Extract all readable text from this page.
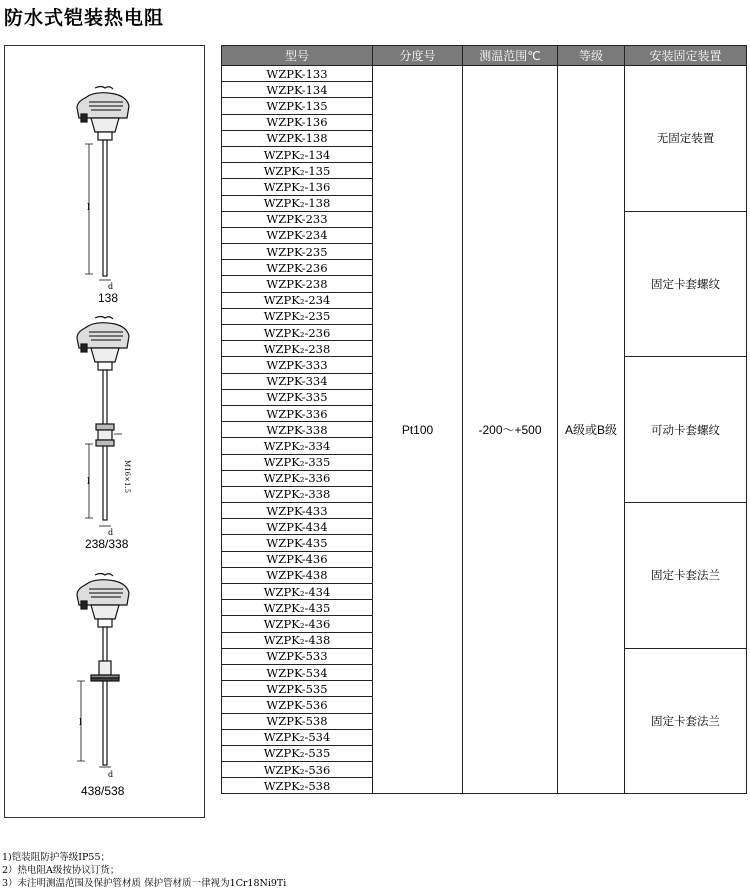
防水式铠装热电阻
l
d
138
l	M16×1.5
d
238/338
l
d
438/538
型号	分度号	测温范围℃	等级	安装固定装置
WZPK-133	Pt100	-200～+500	A级或B级	无固定装置
WZPK-134				
WZPK-135				
WZPK-136				
WZPK-138				
WZPK₂-134				
WZPK₂-135				
WZPK₂-136				
WZPK₂-138				
WZPK-233				固定卡套螺纹
WZPK-234				
WZPK-235				
WZPK-236				
WZPK-238				
WZPK₂-234				
WZPK₂-235				
WZPK₂-236				
WZPK₂-238				
WZPK-333				可动卡套螺纹
WZPK-334				
WZPK-335				
WZPK-336				
WZPK-338				
WZPK₂-334				
WZPK₂-335				
WZPK₂-336				
WZPK₂-338				
WZPK-433				固定卡套法兰
WZPK-434				
WZPK-435				
WZPK-436				
WZPK-438				
WZPK₂-434				
WZPK₂-435				
WZPK₂-436				
WZPK₂-438				
WZPK-533				固定卡套法兰
WZPK-534				
WZPK-535				
WZPK-536				
WZPK-538				
WZPK₂-534				
WZPK₂-535				
WZPK₂-536				
WZPK₂-538				
1)铠装阻防护等级IP55；
2）热电阻A级按协议订货；
3）未注明测温范围及保护管材质 保护管材质一律视为1Cr18Ni9Ti
